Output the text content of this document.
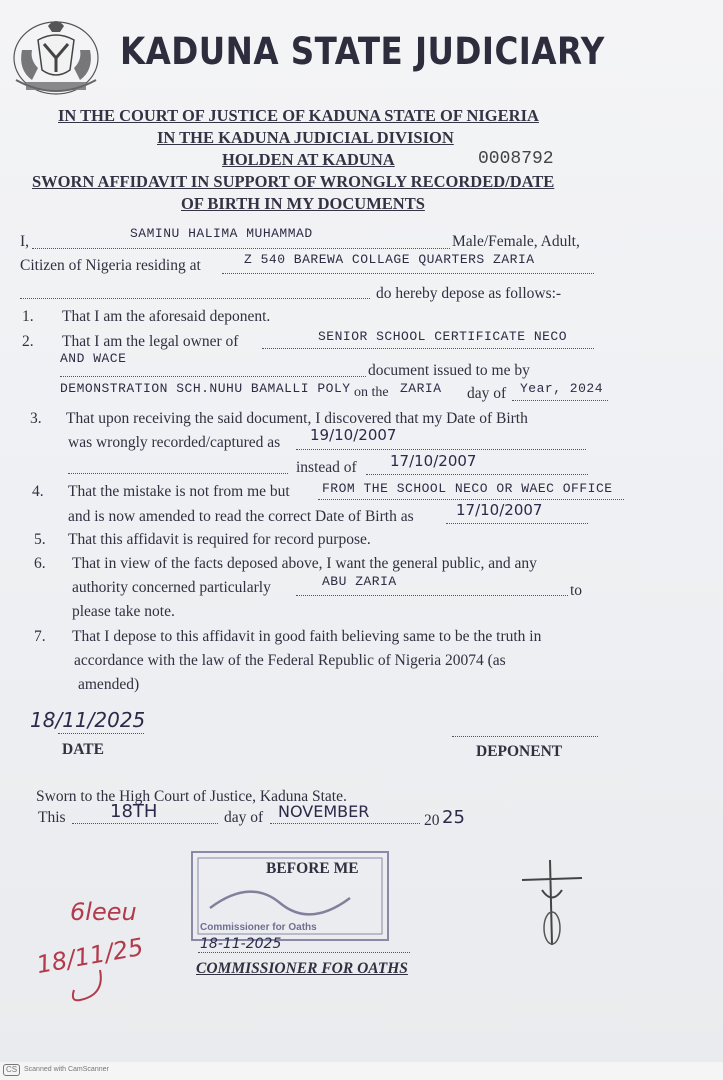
KADUNA STATE JUDICIARY
IN THE COURT OF JUSTICE OF KADUNA STATE OF NIGERIA
IN THE KADUNA JUDICIAL DIVISION
HOLDEN AT KADUNA	0008792
SWORN AFFIDAVIT IN SUPPORT OF WRONGLY RECORDED/DATE
OF BIRTH IN MY DOCUMENTS
I,	SAMINU HALIMA MUHAMMAD	Male/Female, Adult,
Citizen of Nigeria residing at	Z 540 BAREWA COLLAGE QUARTERS ZARIA
do hereby depose as follows:-
1. That I am the aforesaid deponent.
2. That I am the legal owner of	SENIOR SCHOOL CERTIFICATE NECO
AND WACE
document issued to me by
DEMONSTRATION SCH.NUHU BAMALLI POLY on the ZARIA day of Year, 2024
3. That upon receiving the said document, I discovered that my Date of Birth
was wrongly recorded/captured as 19/10/2007
instead of 17/10/2007
4. That the mistake is not from me but FROM THE SCHOOL NECO OR WAEC OFFICE
and is now amended to read the correct Date of Birth as	17/10/2007
5. That this affidavit is required for record purpose.
6. That in view of the facts deposed above, I want the general public, and any
authority concerned particularly	ABU ZARIA
to
please take note.
7. That I depose to this affidavit in good faith believing same to be the truth in
accordance with the law of the Federal Republic of Nigeria 20074 (as
amended)
18/11/2025
DATE	DEPONENT
Sworn to the High Court of Justice, Kaduna State.
This 18TH	day of NOVEMBER	20 25
BEFORE ME
Commissioner for Oaths
18-11-2025
COMMISSIONER FOR OATHS
6leeu
18/11/25
CS Scanned with CamScanner
